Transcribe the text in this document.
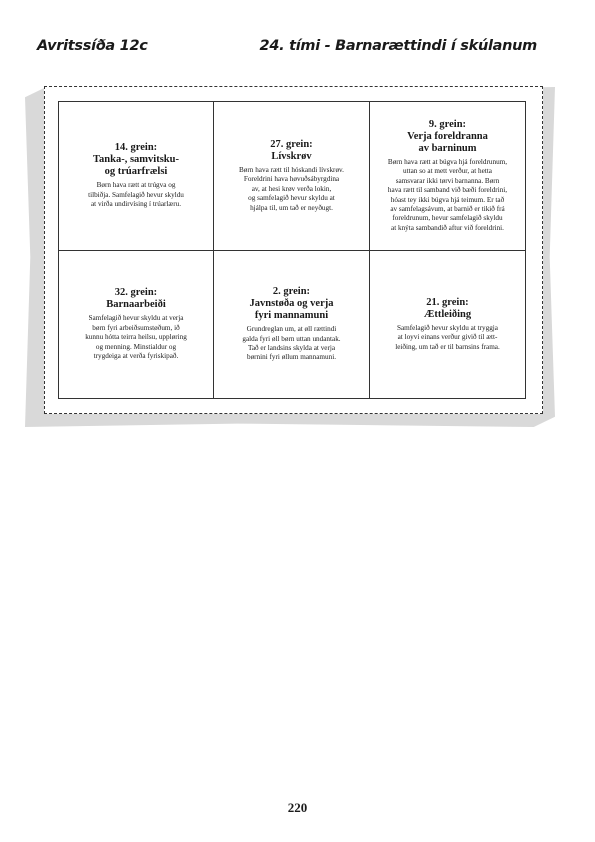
Avritssíða 12c	24. tími - Barnarættindi í skúlanum
14. grein:
Tanka-, samvitsku-
og trúarfrælsi
Børn hava rætt at trúgva og
tilbiðja. Samfelagið hevur skyldu
at virða undirvísing í trúarlæru.
27. grein:
Lívskrøv
Børn hava rætt til hóskandi lívskrøv.
Foreldrini hava høvuðsábyrgdina
av, at hesi krøv verða lokin,
og samfelagið hevur skyldu at
hjálpa til, um tað er neyðugt.
9. grein:
Verja foreldranna
av barninum
Børn hava rætt at búgva hjá foreldrunum,
uttan so at mett verður, at hetta
samsvarar ikki tørvi barnanna. Børn
hava rætt til samband við bæði foreldrini,
hóast tey ikki búgva hjá teimum. Er tað
av samfelagsávum, at barnið er tikið frá
foreldrunum, hevur samfelagið skyldu
at knýta sambandið aftur við foreldrini.
32. grein:
Barnaarbeiði
Samfelagið hevur skyldu at verja
børn fyri arbeiðsumstøðum, ið
kunnu hótta teirra heilsu, uppløring
og menning. Minstialdur og
trygdeiga at verða fyriskipað.
2. grein:
Javnstøða og verja
fyri mannamuni
Grundreglan um, at øll rættindi
galda fyri øll børn uttan undantak.
Tað er landsins skylda at verja
børnini fyri øllum mannamuni.
21. grein:
Ættleiðing
Samfelagið hevur skyldu at tryggja
at loyvi einans verður givið til ætt-
leiðing, um tað er til barnsins frama.
220
